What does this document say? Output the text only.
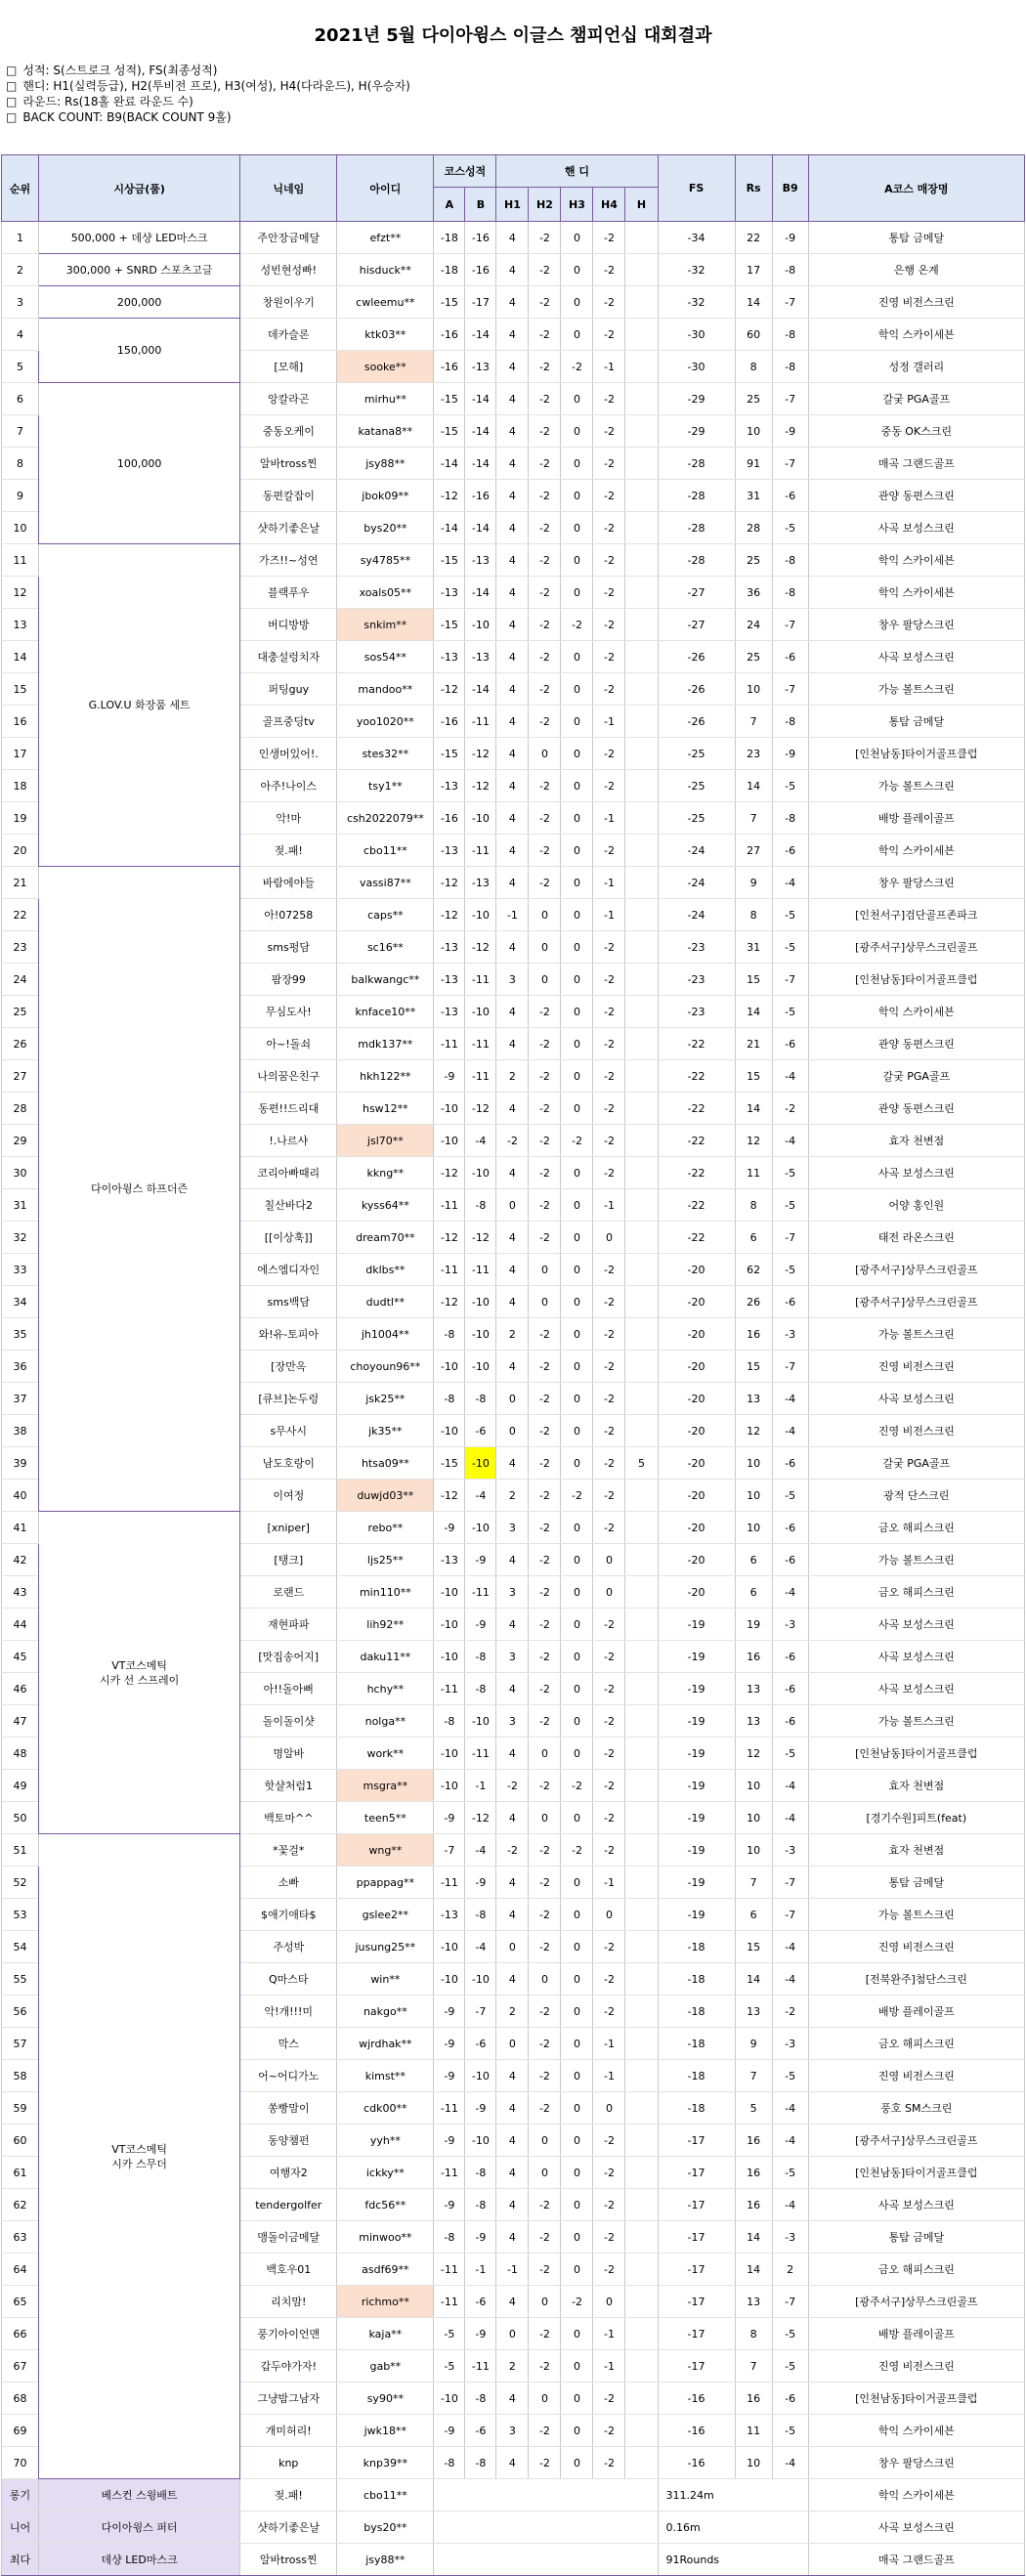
2021년 5월 다이아윙스 이글스 챔피언십 대회결과
□ 성적: S(스트로크 성적), FS(최종성적)
□ 핸디: H1(실력등급), H2(투비전 프로), H3(여성), H4(다라운드), H(우승자)
□ 라운드: Rs(18홀 완료 라운드 수)
□ BACK COUNT: B9(BACK COUNT 9홀)
순위	시상금(품)	닉네임	아이디	코스성적		핸 디					FS	Rs	B9	A코스 매장명
				A	B	H1	H2	H3	H4	H				
1	500,000 + 데샹 LED마스크	주안장금메달	efzt**	-18	-16	4	-2	0	-2		-34	22	-9	통탐 금메달
2	300,000 + SNRD 스포츠고글	성빈현성빠!	hisduck**	-18	-16	4	-2	0	-2		-32	17	-8	은행 온계
3	200,000	창원이우기	cwleemu**	-15	-17	4	-2	0	-2		-32	14	-7	진영 비전스크린
4	150,000	데카슬론	ktk03**	-16	-14	4	-2	0	-2		-30	60	-8	학익 스카이세븐
5		[모해]	sooke**	-16	-13	4	-2	-2	-1		-30	8	-8	성정 갤러리
6	100,000	앙칼라곤	mirhu**	-15	-14	4	-2	0	-2		-29	25	-7	갈궂 PGA골프
7		중동오케이	katana8**	-15	-14	4	-2	0	-2		-29	10	-9	중동 OK스크린
8		알바tross찐	jsy88**	-14	-14	4	-2	0	-2		-28	91	-7	매곡 그랜드골프
9		동편칼잡이	jbok09**	-12	-16	4	-2	0	-2		-28	31	-6	관양 동편스크린
10		샷하기좋은날	bys20**	-14	-14	4	-2	0	-2		-28	28	-5	사곡 보성스크린
11	G.LOV.U 화장품 세트	가즈!!~성연	sy4785**	-15	-13	4	-2	0	-2		-28	25	-8	학익 스카이세븐
12		블랙푸우	xoals05**	-13	-14	4	-2	0	-2		-27	36	-8	학익 스카이세븐
13		버디방방	snkim**	-15	-10	4	-2	-2	-2		-27	24	-7	창우 팔당스크린
14		대충설렁치자	sos54**	-13	-13	4	-2	0	-2		-26	25	-6	사곡 보성스크린
15		퍼팅guy	mandoo**	-12	-14	4	-2	0	-2		-26	10	-7	가능 볼트스크린
16		골프중딩tv	yoo1020**	-16	-11	4	-2	0	-1		-26	7	-8	통탐 금메달
17		인생머있어!.	stes32**	-15	-12	4	0	0	-2		-25	23	-9	[인천남동]타이거골프클럽
18		아주!나이스	tsy1**	-13	-12	4	-2	0	-2		-25	14	-5	가능 볼트스크린
19		악!마	csh2022079**	-16	-10	4	-2	0	-1		-25	7	-8	배방 플레이골프
20		젖.패!	cbo11**	-13	-11	4	-2	0	-2		-24	27	-6	학익 스카이세븐
21	다이아윙스 하프더즌	바람에야들	vassi87**	-12	-13	4	-2	0	-1		-24	9	-4	창우 팔당스크린
22		아!07258	caps**	-12	-10	-1	0	0	-1		-24	8	-5	[인천서구]검단골프존파크
23		sms펑담	sc16**	-13	-12	4	0	0	-2		-23	31	-5	[광주서구]상무스크린골프
24		팜장99	balkwangc**	-13	-11	3	0	0	-2		-23	15	-7	[인천남동]타이거골프클럽
25		무심도사!	knface10**	-13	-10	4	-2	0	-2		-23	14	-5	학익 스카이세븐
26		아~!돌쇠	mdk137**	-11	-11	4	-2	0	-2		-22	21	-6	관양 동편스크린
27		나의꿈은친구	hkh122**	-9	-11	2	-2	0	-2		-22	15	-4	갈궂 PGA골프
28		동편!!드리대	hsw12**	-10	-12	4	-2	0	-2		-22	14	-2	관양 동편스크린
29		!.나르샤	jsl70**	-10	-4	-2	-2	-2	-2		-22	12	-4	효자 천변점
30		코리아빠때리	kkng**	-12	-10	4	-2	0	-2		-22	11	-5	사곡 보성스크린
31		칠산바다2	kyss64**	-11	-8	0	-2	0	-1		-22	8	-5	어양 홍인원
32		[[이상훅]]	dream70**	-12	-12	4	-2	0	0		-22	6	-7	태전 라온스크린
33		에스엠디자인	dklbs**	-11	-11	4	0	0	-2		-20	62	-5	[광주서구]상무스크린골프
34		sms백담	dudtl**	-12	-10	4	0	0	-2		-20	26	-6	[광주서구]상무스크린골프
35		와!유-토피아	jh1004**	-8	-10	2	-2	0	-2		-20	16	-3	가능 볼트스크린
36		[장만옥	choyoun96**	-10	-10	4	-2	0	-2		-20	15	-7	진영 비전스크린
37		[큐브]논두렁	jsk25**	-8	-8	0	-2	0	-2		-20	13	-4	사곡 보성스크린
38		s무사시	jk35**	-10	-6	0	-2	0	-2		-20	12	-4	진영 비전스크린
39		남도호랑이	htsa09**	-15	-10	4	-2	0	-2	5	-20	10	-6	갈궂 PGA골프
40		이여정	duwjd03**	-12	-4	2	-2	-2	-2		-20	10	-5	광적 단스크린
41	VT코스메틱
시카 선 스프레이	[xniper]	rebo**	-9	-10	3	-2	0	-2		-20	10	-6	금오 해피스크린
42		[탱크]	ljs25**	-13	-9	4	-2	0	0		-20	6	-6	가능 볼트스크린
43		로랜드	min110**	-10	-11	3	-2	0	0		-20	6	-4	금오 해피스크린
44		재현파파	lih92**	-10	-9	4	-2	0	-2		-19	19	-3	사곡 보성스크린
45		[맛집송어지]	daku11**	-10	-8	3	-2	0	-2		-19	16	-6	사곡 보성스크린
46		아!!돌아뻐	hchy**	-11	-8	4	-2	0	-2		-19	13	-6	사곡 보성스크린
47		돌이돌이샷	nolga**	-8	-10	3	-2	0	-2		-19	13	-6	가능 볼트스크린
48		명알바	work**	-10	-11	4	0	0	-2		-19	12	-5	[인천남동]타이거골프클럽
49		핫샬처럼1	msgra**	-10	-1	-2	-2	-2	-2		-19	10	-4	효자 천변점
50		백토마^^	teen5**	-9	-12	4	0	0	-2		-19	10	-4	[경기수원]피트(feat)
51	VT코스메틱
시카 스무더	*꽃걸*	wng**	-7	-4	-2	-2	-2	-2		-19	10	-3	효자 천변점
52		소빠	ppappag**	-11	-9	4	-2	0	-1		-19	7	-7	통탐 금메달
53		$애기애타$	gslee2**	-13	-8	4	-2	0	0		-19	6	-7	가능 볼트스크린
54		주성박	jusung25**	-10	-4	0	-2	0	-2		-18	15	-4	진영 비전스크린
55		Q마스타	win**	-10	-10	4	0	0	-2		-18	14	-4	[전북완주]첨단스크린
56		악!개!!!미	nakgo**	-9	-7	2	-2	0	-2		-18	13	-2	배방 플레이골프
57		막스	wjrdhak**	-9	-6	0	-2	0	-1		-18	9	-3	금오 해피스크린
58		어~어디가노	kimst**	-9	-10	4	-2	0	-1		-18	7	-5	진영 비전스크린
59		쏭빵맘이	cdk00**	-11	-9	4	-2	0	0		-18	5	-4	풍호 SM스크린
60		동양챔펀	yyh**	-9	-10	4	0	0	-2		-17	16	-4	[광주서구]상무스크린골프
61		여행자2	ickky**	-11	-8	4	0	0	-2		-17	16	-5	[인천남동]타이거골프클럽
62		tendergolfer	fdc56**	-9	-8	4	-2	0	-2		-17	16	-4	사곡 보성스크린
63		맹돌이금메달	minwoo**	-8	-9	4	-2	0	-2		-17	14	-3	통탐 금메달
64		백호우01	asdf69**	-11	-1	-1	-2	0	-2		-17	14	2	금오 해피스크린
65		리치맘!	richmo**	-11	-6	4	0	-2	0		-17	13	-7	[광주서구]상무스크린골프
66		풍기아이언맨	kaja**	-5	-9	0	-2	0	-1		-17	8	-5	배방 플레이골프
67		갑두야가자!	gab**	-5	-11	2	-2	0	-1		-17	7	-5	진영 비전스크린
68		그냥밤그남자	sy90**	-10	-8	4	0	0	-2		-16	16	-6	[인천남동]타이거골프클럽
69		개미허리!	jwk18**	-9	-6	3	-2	0	-2		-16	11	-5	학익 스카이세븐
70		knp	knp39**	-8	-8	4	-2	0	-2		-16	10	-4	창우 팔당스크린
롱기	베스컨 스윙배트	젖.패!	cbo11**								311.24m			학익 스카이세븐
니어	다이아윙스 퍼터	샷하기좋은날	bys20**								0.16m			사곡 보성스크린
최다	데샹 LED마스크	알바tross찐	jsy88**								91Rounds			매곡 그랜드골프
